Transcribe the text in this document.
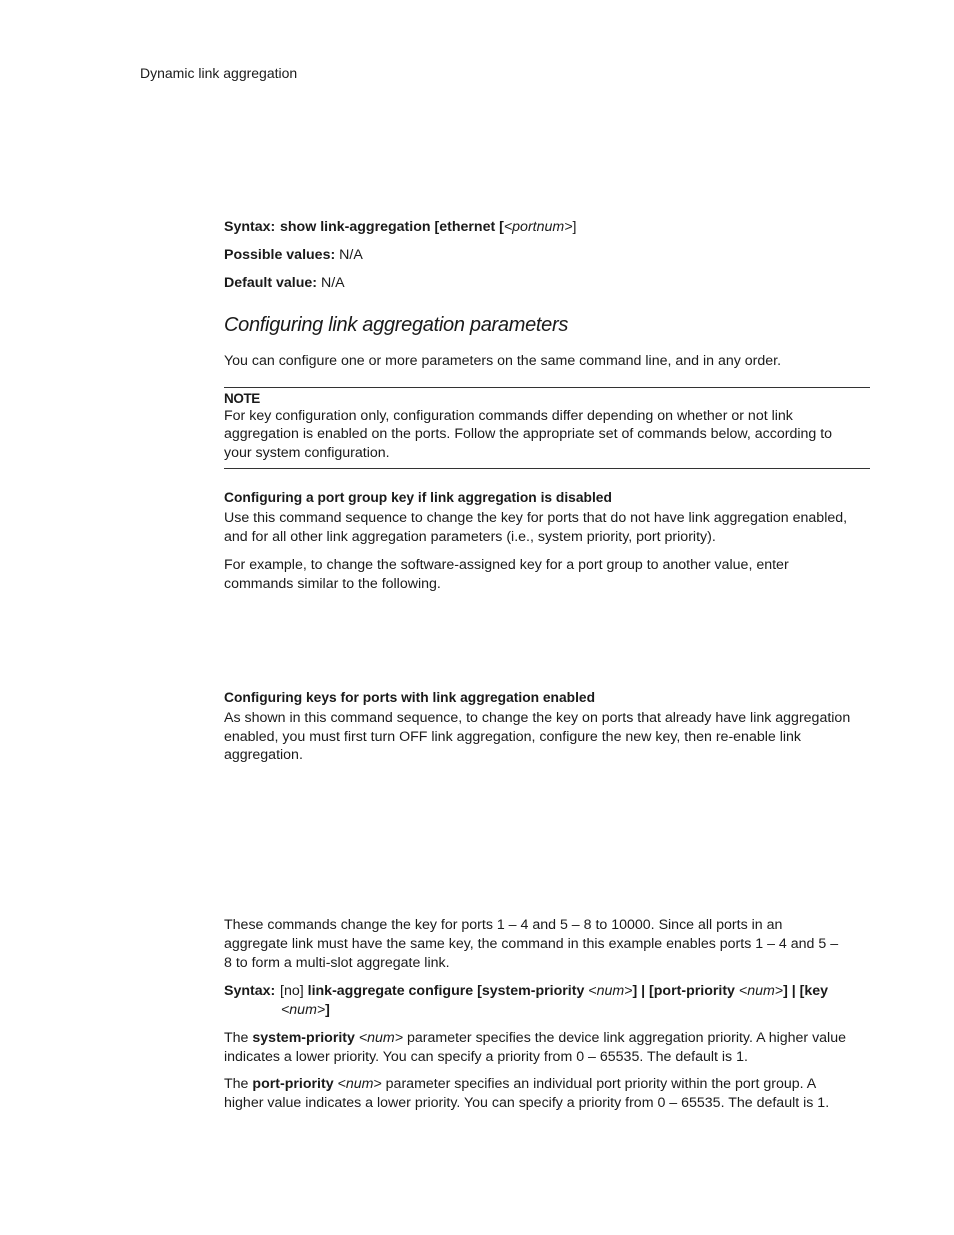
Dynamic link aggregation
Syntax: show link-aggregation [ethernet [<portnum>]
Possible values: N/A
Default value: N/A
Configuring link aggregation parameters
You can configure one or more parameters on the same command line, and in any order.
NOTE
For key configuration only, configuration commands differ depending on whether or not link
aggregation is enabled on the ports. Follow the appropriate set of commands below, according to
your system configuration.
Configuring a port group key if link aggregation is disabled
Use this command sequence to change the key for ports that do not have link aggregation enabled,
and for all other link aggregation parameters (i.e., system priority, port priority).
For example, to change the software-assigned key for a port group to another value, enter
commands similar to the following.
Configuring keys for ports with link aggregation enabled
As shown in this command sequence, to change the key on ports that already have link aggregation
enabled, you must first turn OFF link aggregation, configure the new key, then re-enable link
aggregation.
These commands change the key for ports 1 – 4 and 5 – 8 to 10000. Since all ports in an
aggregate link must have the same key, the command in this example enables ports 1 – 4 and 5 –
8 to form a multi-slot aggregate link.
Syntax: [no] link-aggregate configure [system-priority <num>] | [port-priority <num>] | [key
<num>]
The system-priority <num> parameter specifies the device link aggregation priority. A higher value
indicates a lower priority. You can specify a priority from 0 – 65535. The default is 1.
The port-priority <num> parameter specifies an individual port priority within the port group. A
higher value indicates a lower priority. You can specify a priority from 0 – 65535. The default is 1.
